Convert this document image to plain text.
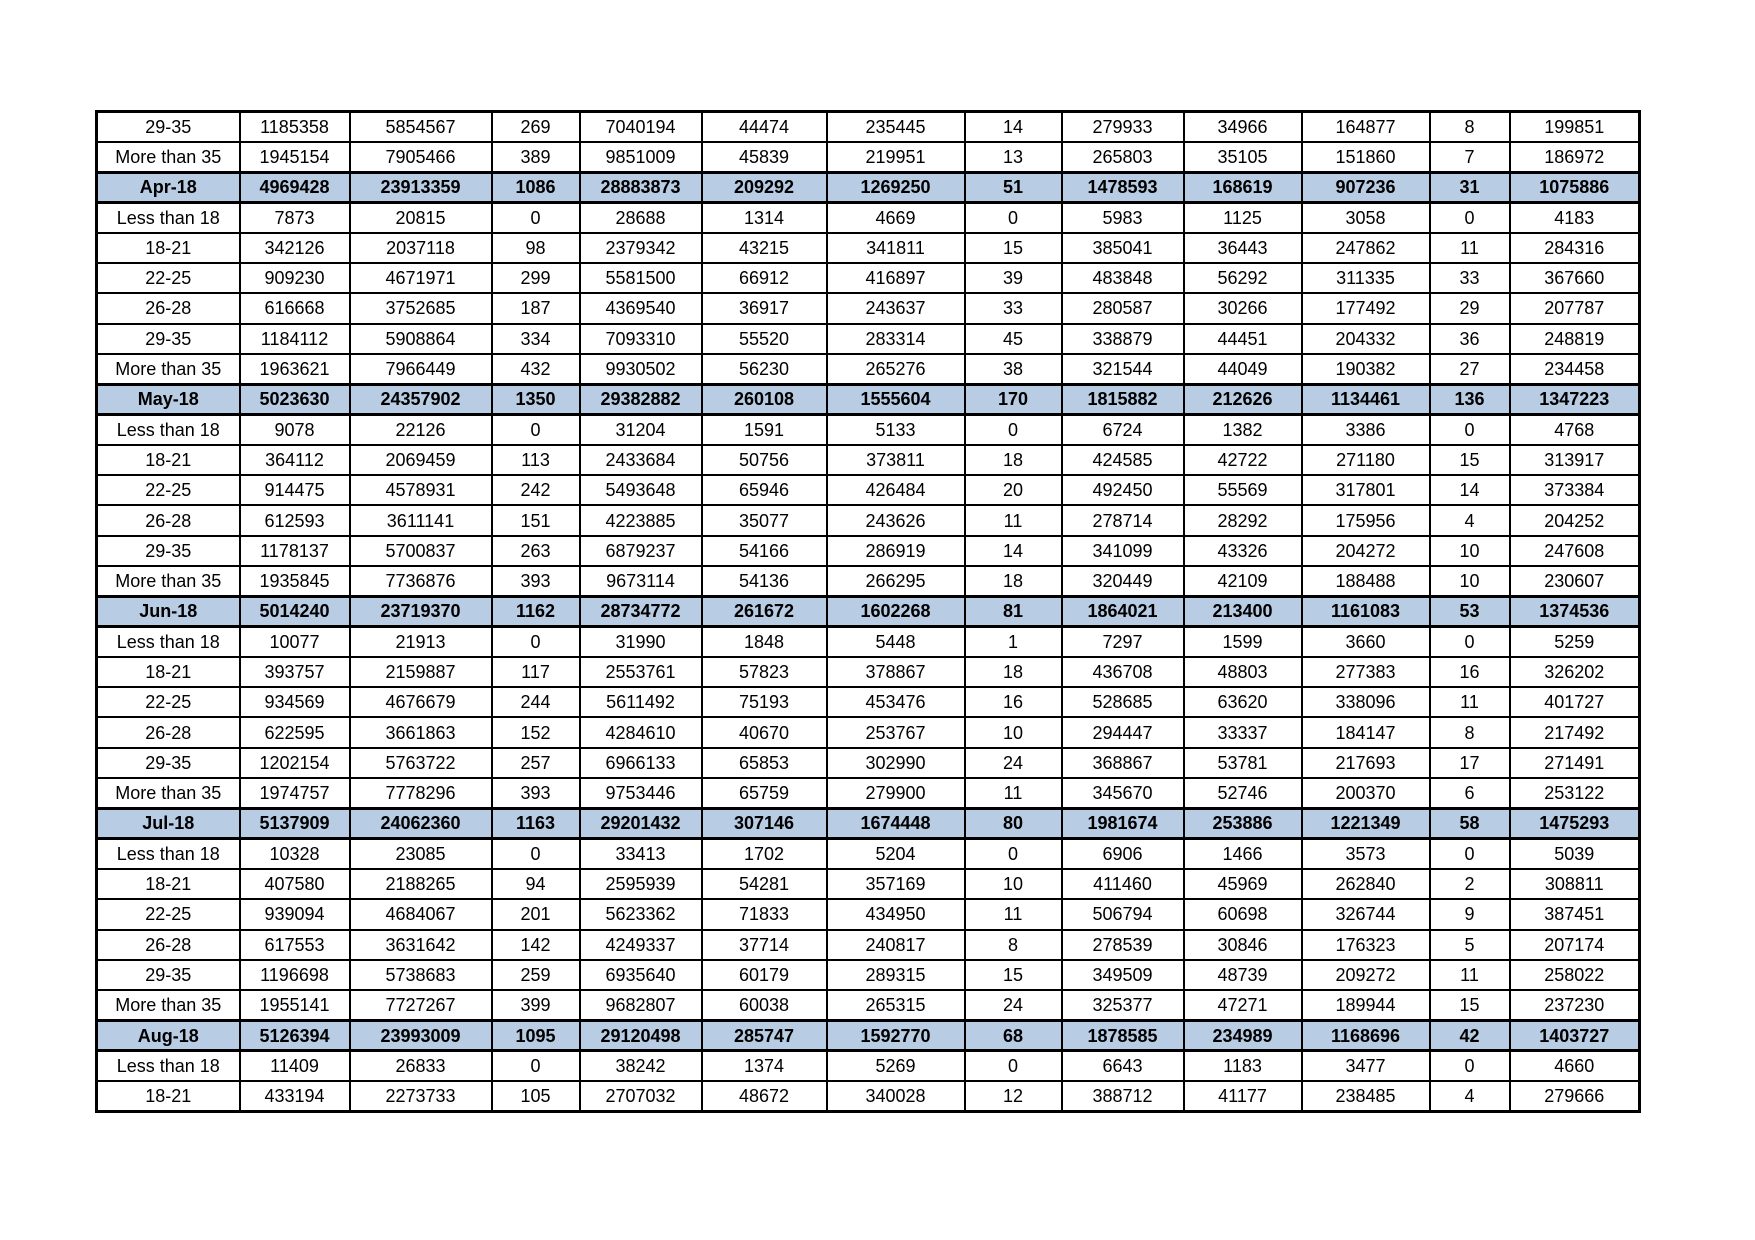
29-35	1185358	5854567	269	7040194	44474	235445	14	279933	34966	164877	8	199851
More than 35	1945154	7905466	389	9851009	45839	219951	13	265803	35105	151860	7	186972
Apr-18	4969428	23913359	1086	28883873	209292	1269250	51	1478593	168619	907236	31	1075886
Less than 18	7873	20815	0	28688	1314	4669	0	5983	1125	3058	0	4183
18-21	342126	2037118	98	2379342	43215	341811	15	385041	36443	247862	11	284316
22-25	909230	4671971	299	5581500	66912	416897	39	483848	56292	311335	33	367660
26-28	616668	3752685	187	4369540	36917	243637	33	280587	30266	177492	29	207787
29-35	1184112	5908864	334	7093310	55520	283314	45	338879	44451	204332	36	248819
More than 35	1963621	7966449	432	9930502	56230	265276	38	321544	44049	190382	27	234458
May-18	5023630	24357902	1350	29382882	260108	1555604	170	1815882	212626	1134461	136	1347223
Less than 18	9078	22126	0	31204	1591	5133	0	6724	1382	3386	0	4768
18-21	364112	2069459	113	2433684	50756	373811	18	424585	42722	271180	15	313917
22-25	914475	4578931	242	5493648	65946	426484	20	492450	55569	317801	14	373384
26-28	612593	3611141	151	4223885	35077	243626	11	278714	28292	175956	4	204252
29-35	1178137	5700837	263	6879237	54166	286919	14	341099	43326	204272	10	247608
More than 35	1935845	7736876	393	9673114	54136	266295	18	320449	42109	188488	10	230607
Jun-18	5014240	23719370	1162	28734772	261672	1602268	81	1864021	213400	1161083	53	1374536
Less than 18	10077	21913	0	31990	1848	5448	1	7297	1599	3660	0	5259
18-21	393757	2159887	117	2553761	57823	378867	18	436708	48803	277383	16	326202
22-25	934569	4676679	244	5611492	75193	453476	16	528685	63620	338096	11	401727
26-28	622595	3661863	152	4284610	40670	253767	10	294447	33337	184147	8	217492
29-35	1202154	5763722	257	6966133	65853	302990	24	368867	53781	217693	17	271491
More than 35	1974757	7778296	393	9753446	65759	279900	11	345670	52746	200370	6	253122
Jul-18	5137909	24062360	1163	29201432	307146	1674448	80	1981674	253886	1221349	58	1475293
Less than 18	10328	23085	0	33413	1702	5204	0	6906	1466	3573	0	5039
18-21	407580	2188265	94	2595939	54281	357169	10	411460	45969	262840	2	308811
22-25	939094	4684067	201	5623362	71833	434950	11	506794	60698	326744	9	387451
26-28	617553	3631642	142	4249337	37714	240817	8	278539	30846	176323	5	207174
29-35	1196698	5738683	259	6935640	60179	289315	15	349509	48739	209272	11	258022
More than 35	1955141	7727267	399	9682807	60038	265315	24	325377	47271	189944	15	237230
Aug-18	5126394	23993009	1095	29120498	285747	1592770	68	1878585	234989	1168696	42	1403727
Less than 18	11409	26833	0	38242	1374	5269	0	6643	1183	3477	0	4660
18-21	433194	2273733	105	2707032	48672	340028	12	388712	41177	238485	4	279666
